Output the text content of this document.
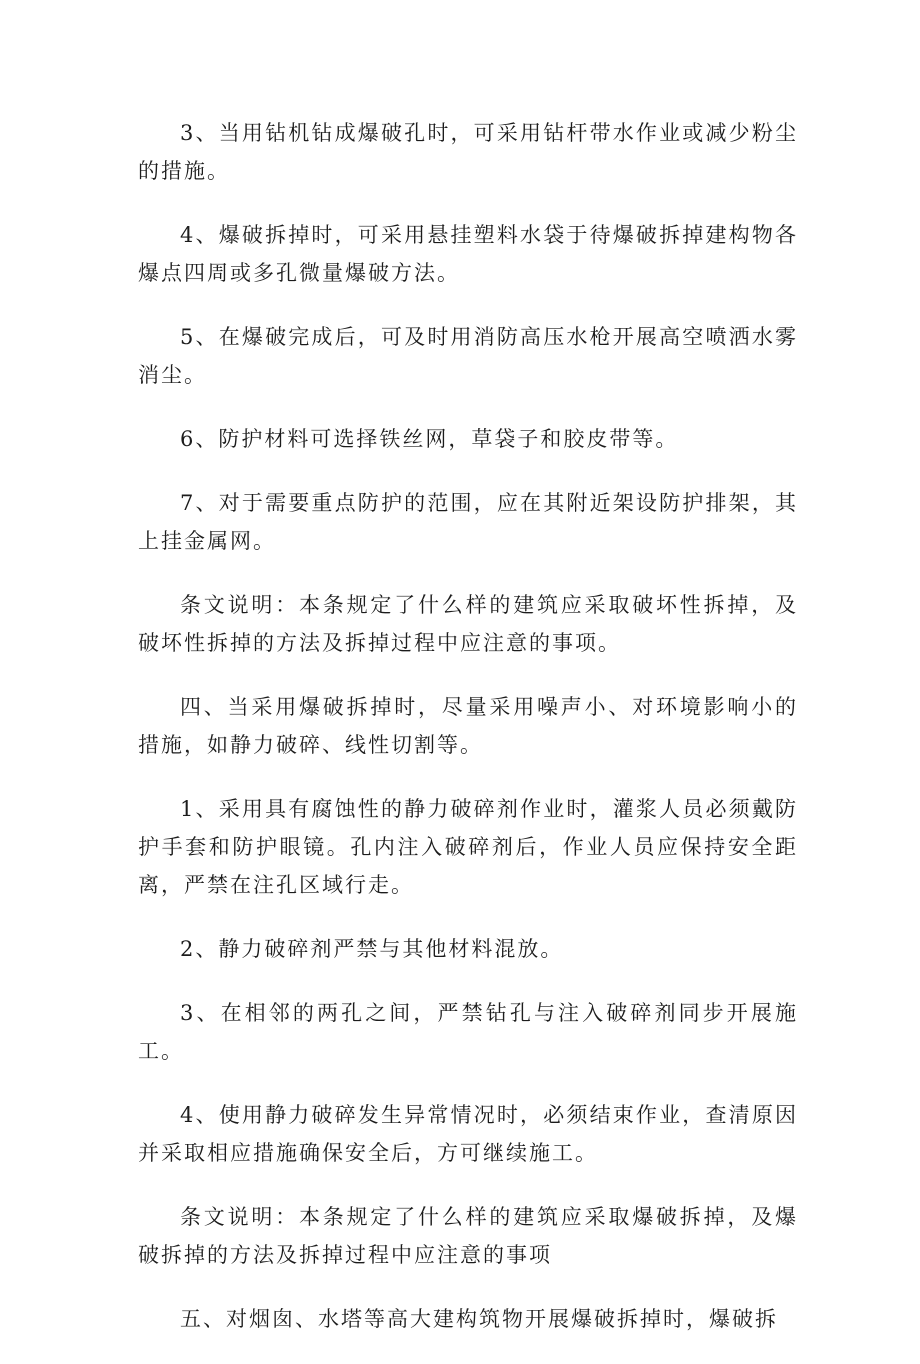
3、当用钻机钻成爆破孔时，可采用钻杆带水作业或减少粉尘的措施。

4、爆破拆掉时，可采用悬挂塑料水袋于待爆破拆掉建构物各爆点四周或多孔微量爆破方法。

5、在爆破完成后，可及时用消防高压水枪开展高空喷洒水雾消尘。

6、防护材料可选择铁丝网，草袋子和胶皮带等。

7、对于需要重点防护的范围，应在其附近架设防护排架，其上挂金属网。

条文说明：本条规定了什么样的建筑应采取破坏性拆掉，及破坏性拆掉的方法及拆掉过程中应注意的事项。

四、当采用爆破拆掉时，尽量采用噪声小、对环境影响小的措施，如静力破碎、线性切割等。

1、采用具有腐蚀性的静力破碎剂作业时，灌浆人员必须戴防护手套和防护眼镜。孔内注入破碎剂后，作业人员应保持安全距离，严禁在注孔区域行走。

2、静力破碎剂严禁与其他材料混放。

3、在相邻的两孔之间，严禁钻孔与注入破碎剂同步开展施工。

4、使用静力破碎发生异常情况时，必须结束作业，查清原因并采取相应措施确保安全后，方可继续施工。

条文说明：本条规定了什么样的建筑应采取爆破拆掉，及爆破拆掉的方法及拆掉过程中应注意的事项

五、对烟囱、水塔等高大建构筑物开展爆破拆掉时，爆破拆
